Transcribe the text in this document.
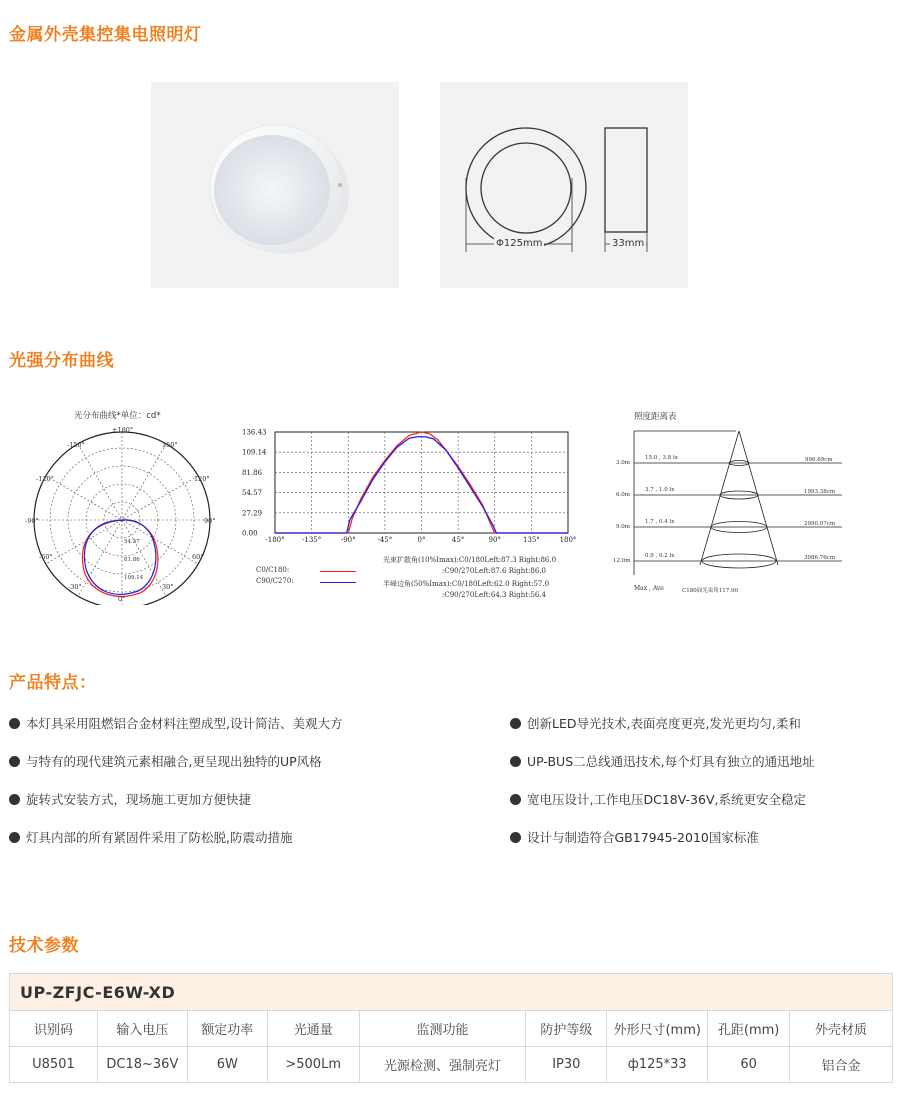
金属外壳集控集电照明灯
光强分布曲线
产品特点：
技术参数
Φ125mm	33mm
光分布曲线*单位：cd*
±180°
-150°	150°
-120°	120°
-90°	90°
-60°	60°
-30°	30°
0°
54.57
81.86
109.14
136.43
109.14
81.86
54.57
27.29
0.00
-180° -135°	-90°	-45°	0°	45°	90°	135°	180°
C0/C180:
C90/C270:
光束扩散角(10%Imax):C0/180Left:87.3 Right:86.0
:C90/270Left:87.6 Right:86.0
半峰边角(50%Imax):C0/180Left:62.0 Right:57.0
:C90/270Left:64.3 Right:56.4
照度距离表
3.0m
15.0 , 3.8 lx	996.69cm
6.0m
3.7 , 1.0 lx	1993.38cm
9.0m
1.7 , 0.4 lx	2990.07cm
12.0m
0.9 , 0.2 lx	3986.76cm
Max , Ave	C180面光束角117.90
本灯具采用阻燃铝合金材料注塑成型,设计简洁、美观大方	创新LED导光技术,表面亮度更亮,发光更均匀,柔和
与特有的现代建筑元素相融合,更呈现出独特的UP风格	UP-BUS二总线通迅技术,每个灯具有独立的通迅地址
旋转式安装方式，现场施工更加方便快捷	宽电压设计,工作电压DC18V-36V,系统更安全稳定
灯具内部的所有紧固件采用了防松脱,防震动措施	设计与制造符合GB17945-2010国家标准
UP-ZFJC-E6W-XD								
识别码	输入电压	额定功率	光通量	监测功能	防护等级	外形尺寸(mm)	孔距(mm)	外壳材质
U8501	DC18~36V	6W	>500Lm	光源检测、强制亮灯	IP30	ф125*33	60	铝合金
